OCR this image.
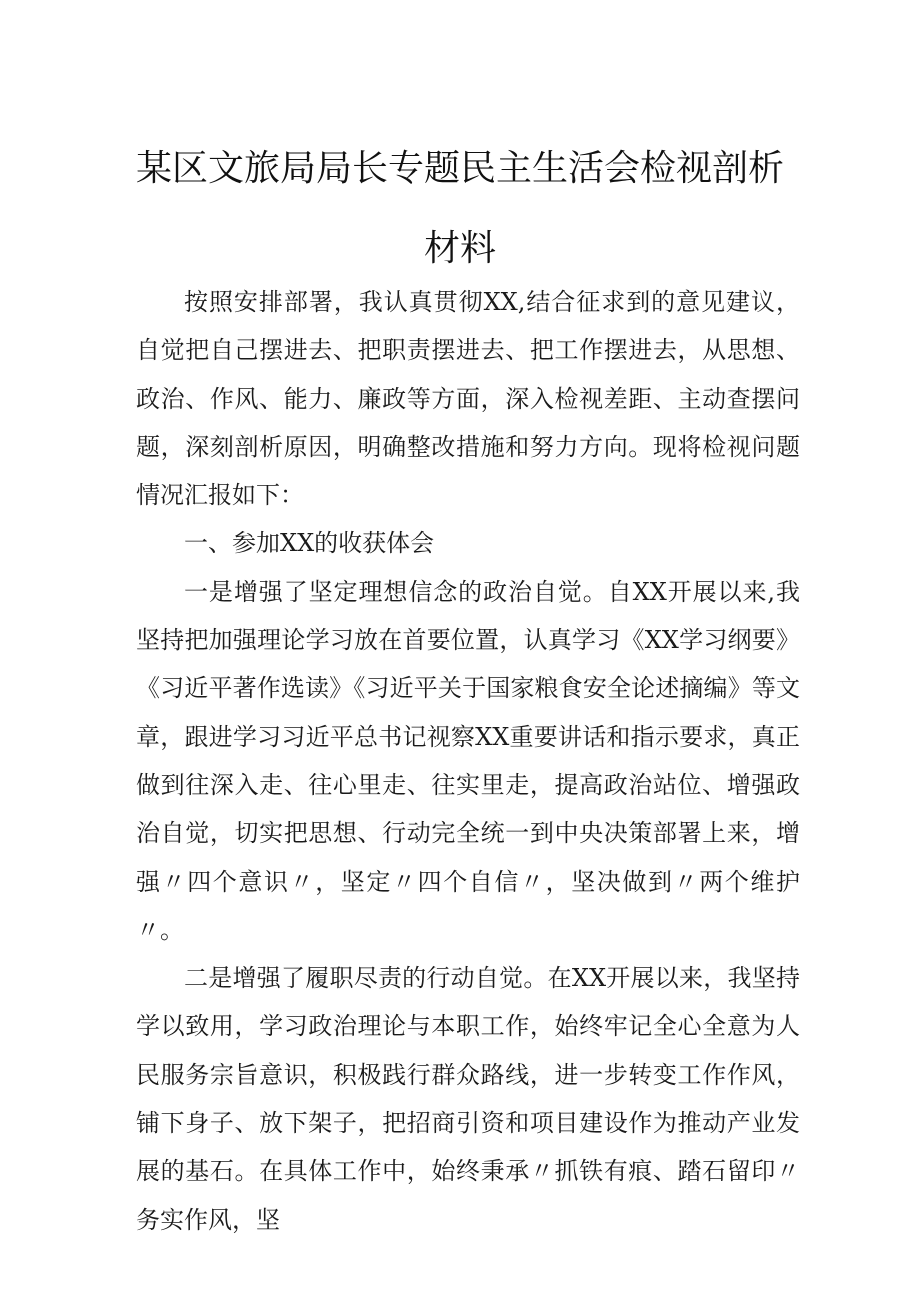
某区文旅局局长专题民主生活会检视剖析
材料

按照安排部署，我认真贯彻XX,结合征求到的意见建议，自觉把自己摆进去、把职责摆进去、把工作摆进去，从思想、政治、作风、能力、廉政等方面，深入检视差距、主动查摆问题，深刻剖析原因，明确整改措施和努力方向。现将检视问题情况汇报如下：

一、参加XX的收获体会

一是增强了坚定理想信念的政治自觉。自XX开展以来,我坚持把加强理论学习放在首要位置，认真学习《XX学习纲要》《习近平著作选读》《习近平关于国家粮食安全论述摘编》等文章，跟进学习习近平总书记视察XX重要讲话和指示要求，真正做到往深入走、往心里走、往实里走，提高政治站位、增强政治自觉，切实把思想、行动完全统一到中央决策部署上来，增强〃四个意识〃，坚定〃四个自信〃，坚决做到〃两个维护〃。

二是增强了履职尽责的行动自觉。在XX开展以来，我坚持学以致用，学习政治理论与本职工作，始终牢记全心全意为人民服务宗旨意识，积极践行群众路线，进一步转变工作作风，铺下身子、放下架子，把招商引资和项目建设作为推动产业发展的基石。在具体工作中，始终秉承〃抓铁有痕、踏石留印〃务实作风，坚
